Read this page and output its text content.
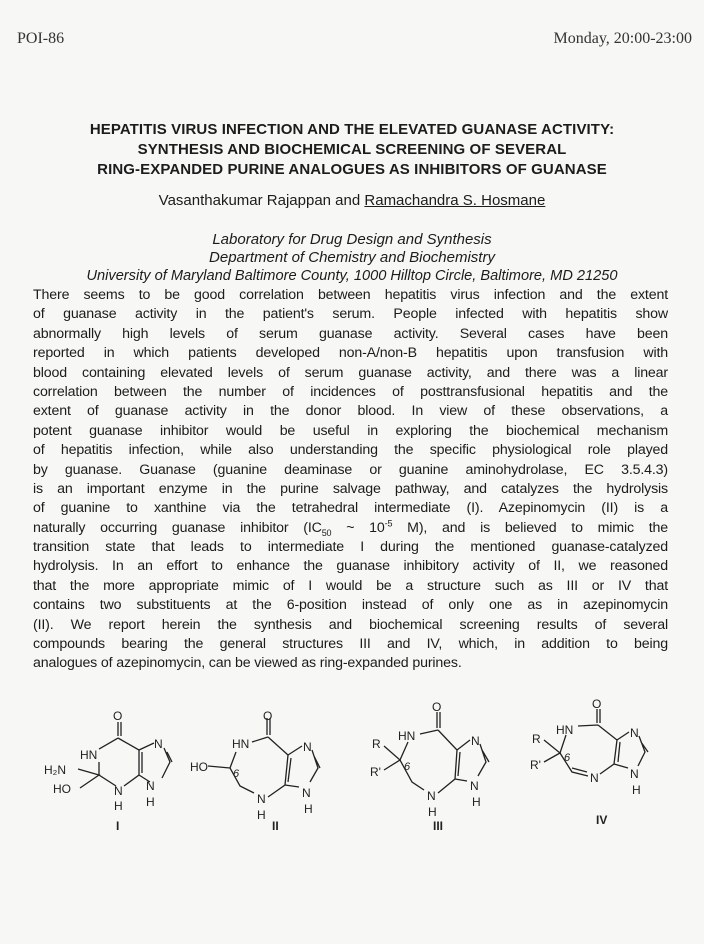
POI-86	Monday, 20:00-23:00
HEPATITIS VIRUS INFECTION AND THE ELEVATED GUANASE ACTIVITY:
SYNTHESIS AND BIOCHEMICAL SCREENING OF SEVERAL
RING-EXPANDED PURINE ANALOGUES AS INHIBITORS OF GUANASE
Vasanthakumar Rajappan and Ramachandra S. Hosmane
Laboratory for Drug Design and Synthesis
Department of Chemistry and Biochemistry
University of Maryland Baltimore County, 1000 Hilltop Circle, Baltimore, MD 21250
There seems to be good correlation between hepatitis virus infection and the extent
of guanase activity in the patient's serum. People infected with hepatitis show
abnormally high levels of serum guanase activity. Several cases have been
reported in which patients developed non-A/non-B hepatitis upon transfusion with
blood containing elevated levels of serum guanase activity, and there was a linear
correlation between the number of incidences of posttransfusional hepatitis and the
extent of guanase activity in the donor blood. In view of these observations, a
potent guanase inhibitor would be useful in exploring the biochemical mechanism
of hepatitis infection, while also understanding the specific physiological role played
by guanase. Guanase (guanine deaminase or guanine aminohydrolase, EC 3.5.4.3)
is an important enzyme in the purine salvage pathway, and catalyzes the hydrolysis
of guanine to xanthine via the tetrahedral intermediate (I). Azepinomycin (II) is a
naturally occurring guanase inhibitor ($IC_{50}$ ~ $10^{-5}$ M), and is believed to mimic the
transition state that leads to intermediate I during the mentioned guanase-catalyzed
hydrolysis. In an effort to enhance the guanase inhibitory activity of II, we reasoned
that the more appropriate mimic of I would be a structure such as III or IV that
contains two substituents at the 6-position instead of only one as in azepinomycin
(II). We report herein the synthesis and biochemical screening results of several
compounds bearing the general structures III and IV, which, in addition to being
analogues of azepinomycin, can be viewed as ring-expanded purines.
O
HN
H₂N
HO	N
H
N
N
H
I
O
HN
HO 6
N
H
N
N
H
II
O
HN
R
R' 6
N
H
N
N
H
III
O
HN
R
R' 6
N
N
N
H
IV
